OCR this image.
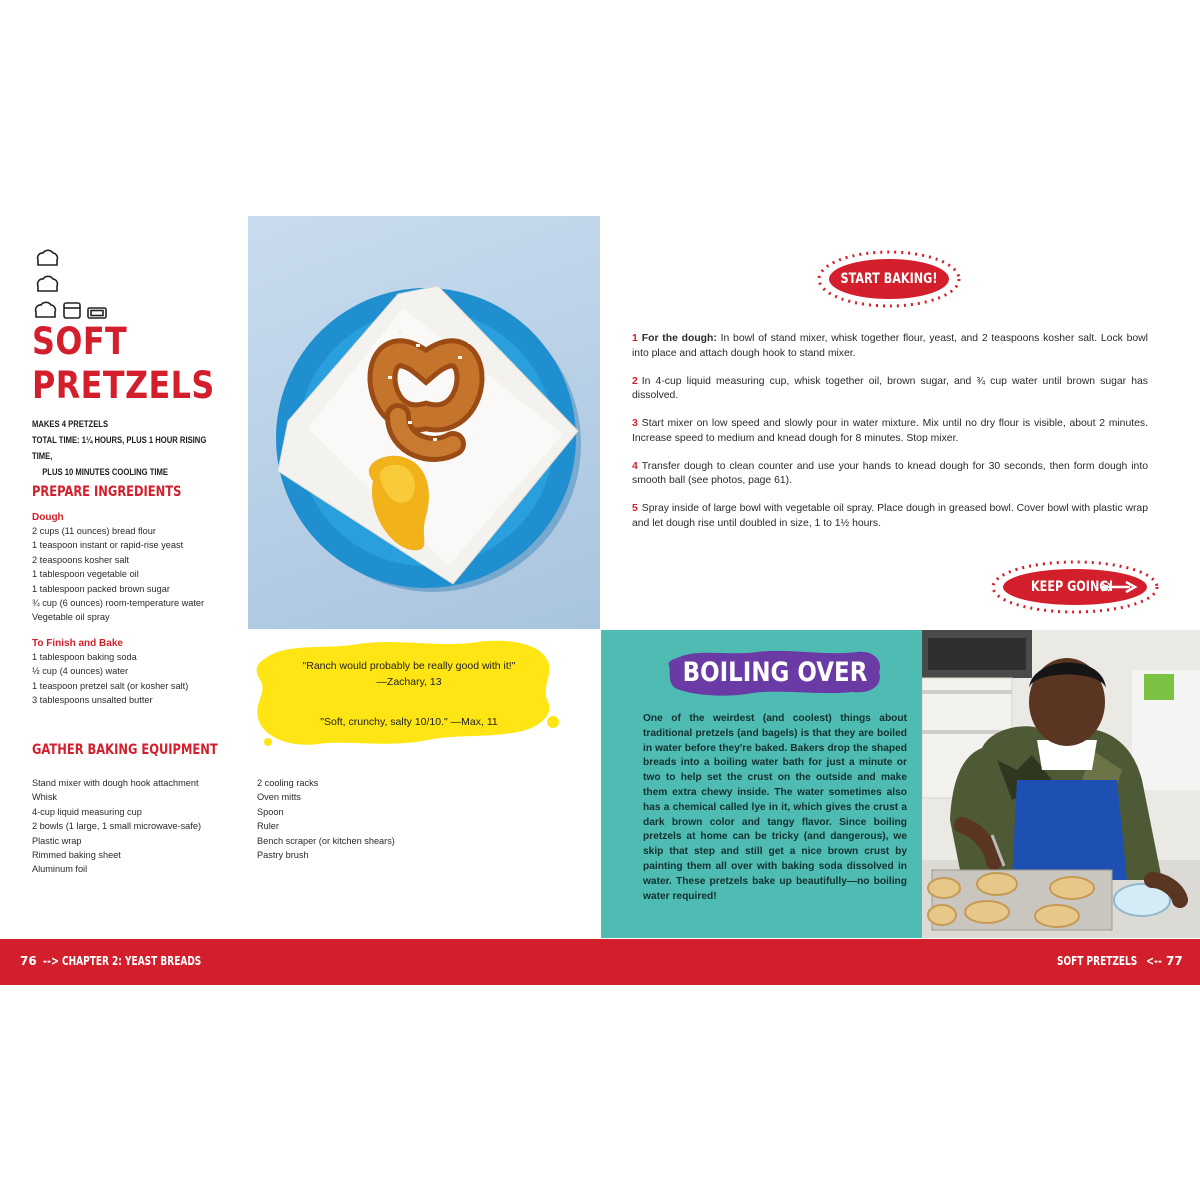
SOFT
PRETZELS
MAKES 4 PRETZELS
TOTAL TIME: 1¼ HOURS, PLUS 1 HOUR RISING TIME,
PLUS 10 MINUTES COOLING TIME
PREPARE INGREDIENTS
Dough
2 cups (11 ounces) bread flour
1 teaspoon instant or rapid-rise yeast
2 teaspoons kosher salt
1 tablespoon vegetable oil
1 tablespoon packed brown sugar
¾ cup (6 ounces) room-temperature water
Vegetable oil spray
To Finish and Bake
1 tablespoon baking soda
½ cup (4 ounces) water
1 teaspoon pretzel salt (or kosher salt)
3 tablespoons unsalted butter
GATHER BAKING EQUIPMENT
Stand mixer with dough hook attachment
Whisk
4-cup liquid measuring cup
2 bowls (1 large, 1 small microwave-safe)
Plastic wrap
Rimmed baking sheet
Aluminum foil
2 cooling racks
Oven mitts
Spoon
Ruler
Bench scraper (or kitchen shears)
Pastry brush
"Ranch would probably be really good with it!"
—Zachary, 13
"Soft, crunchy, salty 10/10." —Max, 11
START BAKING!
1 For the dough: In bowl of stand mixer, whisk together flour, yeast, and 2 teaspoons kosher salt. Lock bowl into place and attach dough hook to stand mixer.
2 In 4-cup liquid measuring cup, whisk together oil, brown sugar, and ¾ cup water until brown sugar has dissolved.
3 Start mixer on low speed and slowly pour in water mixture. Mix until no dry flour is visible, about 2 minutes. Increase speed to medium and knead dough for 8 minutes. Stop mixer.
4 Transfer dough to clean counter and use your hands to knead dough for 30 seconds, then form dough into smooth ball (see photos, page 61).
5 Spray inside of large bowl with vegetable oil spray. Place dough in greased bowl. Cover bowl with plastic wrap and let dough rise until doubled in size, 1 to 1½ hours.
KEEP GOING!
BOILING OVER

One of the weirdest (and coolest) things about traditional pretzels (and bagels) is that they are boiled in water before they're baked. Bakers drop the shaped breads into a boiling water bath for just a minute or two to help set the crust on the outside and make them extra chewy inside. The water sometimes also has a chemical called lye in it, which gives the crust a dark brown color and tangy flavor. Since boiling pretzels at home can be tricky (and dangerous), we skip that step and still get a nice brown crust by painting them all over with baking soda dissolved in water. These pretzels bake up beautifully—no boiling water required!

76 --> CHAPTER 2: YEAST BREADS	SOFT PRETZELS <-- 77
